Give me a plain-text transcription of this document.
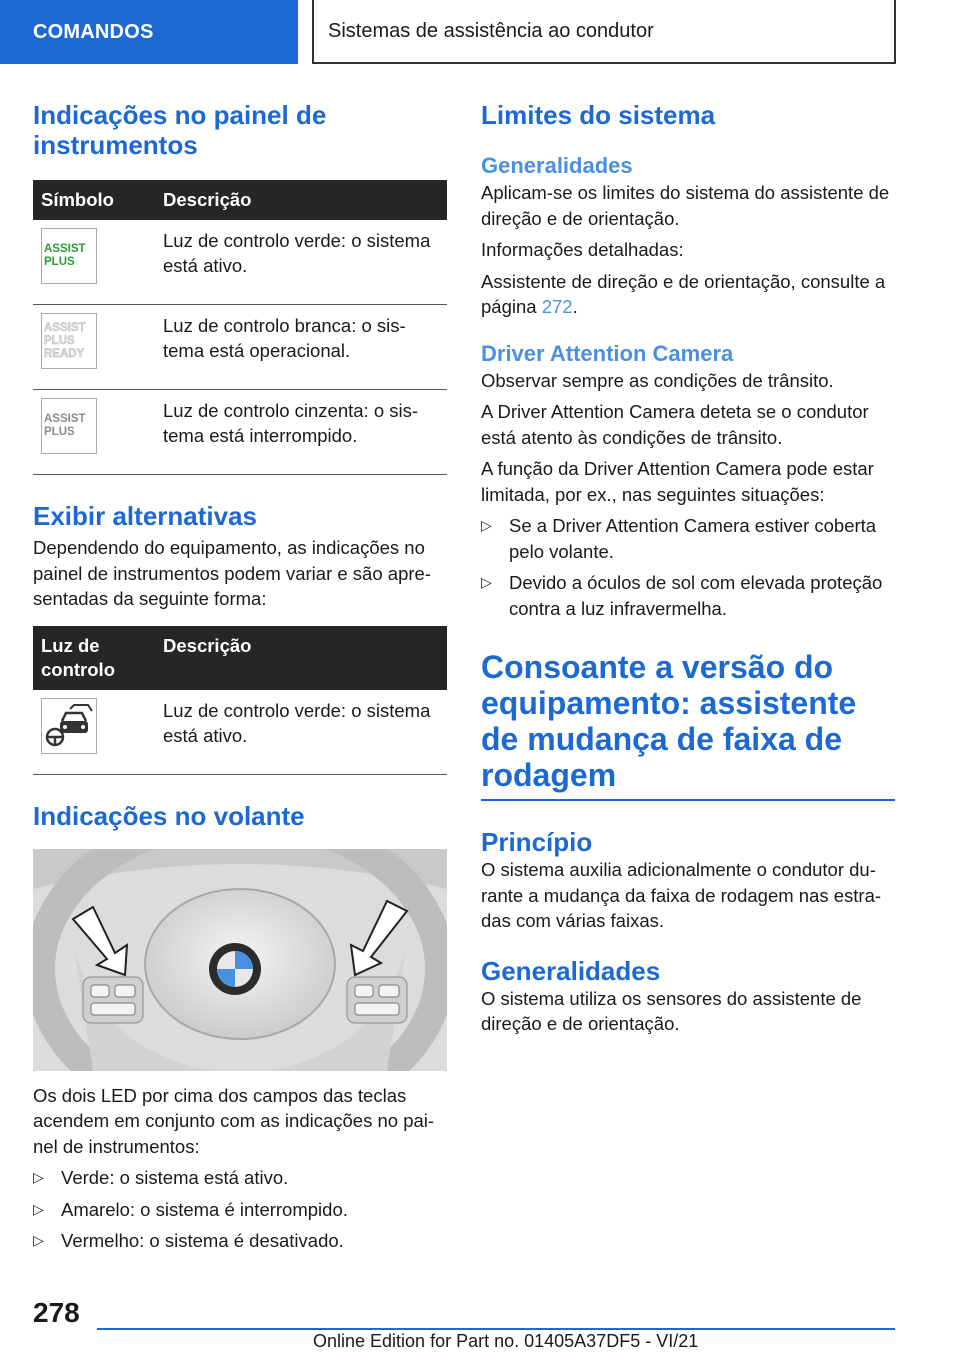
COMANDOS	Sistemas de assistência ao condutor
Indicações no painel de instrumentos
Símbolo	Descrição

ASSIST
PLUS	Luz de controlo verde: o sistema está ativo.

ASSIST
PLUS
READY	Luz de controlo branca: o sis-tema está operacional.

ASSIST
PLUS	Luz de controlo cinzenta: o sis-tema está interrompido.
Exibir alternativas

Dependendo do equipamento, as indicações no painel de instrumentos podem variar e são apre-sentadas da seguinte forma:

Luz de controlo	Descrição

	Luz de controlo verde: o sistema está ativo.
Indicações no volante

Os dois LED por cima dos campos das teclas acendem em conjunto com as indicações no pai-nel de instrumentos:

▷ Verde: o sistema está ativo.
▷ Amarelo: o sistema é interrompido.
▷ Vermelho: o sistema é desativado.
Limites do sistema
Generalidades

Aplicam-se os limites do sistema do assistente de direção e de orientação.

Informações detalhadas:

Assistente de direção e de orientação, consulte a página 272.

Driver Attention Camera

Observar sempre as condições de trânsito.

A Driver Attention Camera deteta se o condutor está atento às condições de trânsito.

A função da Driver Attention Camera pode estar limitada, por ex., nas seguintes situações:

▷ Se a Driver Attention Camera estiver coberta pelo volante.
▷ Devido a óculos de sol com elevada proteção contra a luz infravermelha.
Consoante a versão do equipamento: assistente de mudança de faixa de rodagem
Princípio

O sistema auxilia adicionalmente o condutor du-rante a mudança da faixa de rodagem nas estra-das com várias faixas.

Generalidades

O sistema utiliza os sensores do assistente de direção e de orientação.

278
Online Edition for Part no. 01405A37DF5 - VI/21
